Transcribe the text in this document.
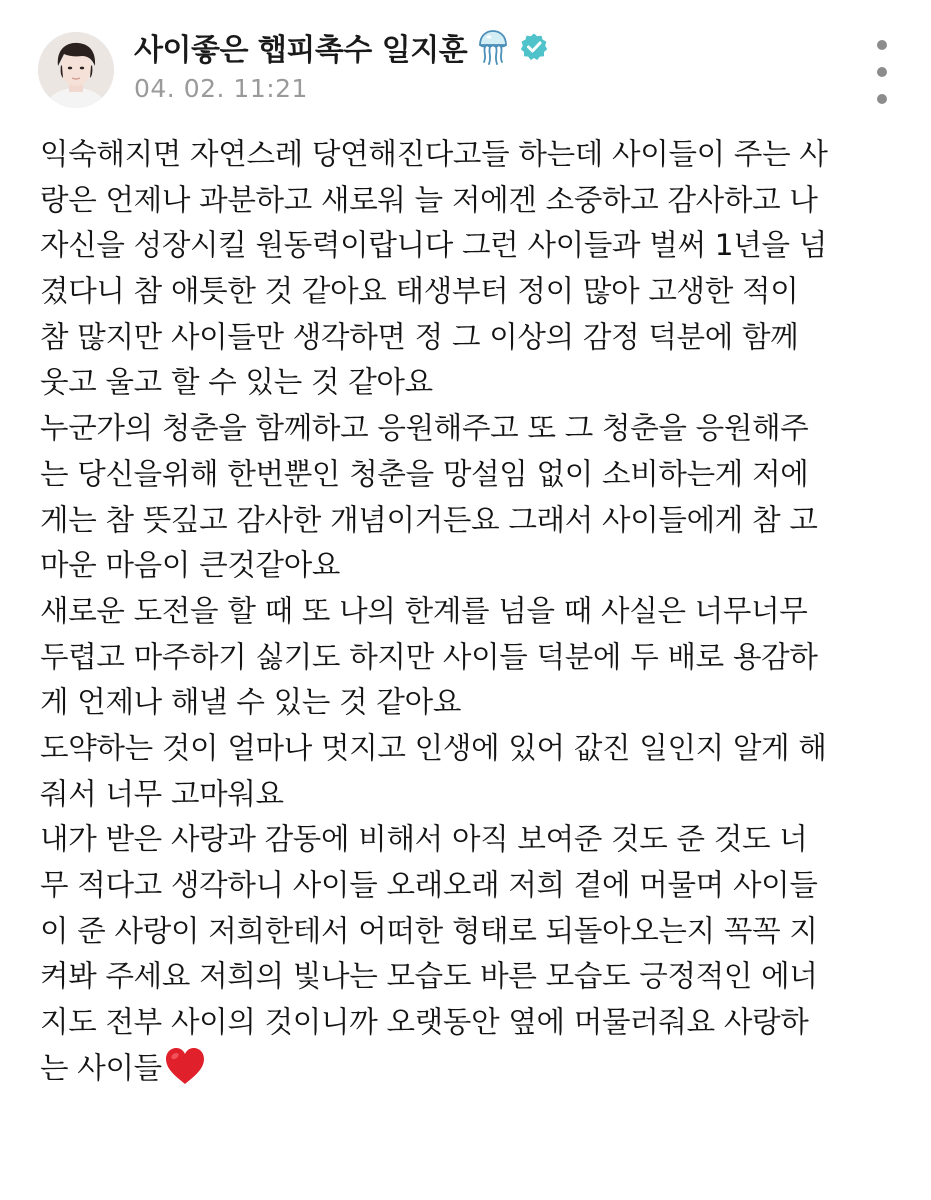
사이좋은 햅피촉수 일지훈
04. 02. 11:21
익숙해지면 자연스레 당연해진다고들 하는데 사이들이 주는 사
랑은 언제나 과분하고 새로워 늘 저에겐 소중하고 감사하고 나
자신을 성장시킬 원동력이랍니다 그런 사이들과 벌써 1년을 넘
겼다니 참 애틋한 것 같아요 태생부터 정이 많아 고생한 적이
참 많지만 사이들만 생각하면 정 그 이상의 감정 덕분에 함께
웃고 울고 할 수 있는 것 같아요
누군가의 청춘을 함께하고 응원해주고 또 그 청춘을 응원해주
는 당신을위해 한번뿐인 청춘을 망설임 없이 소비하는게 저에
게는 참 뜻깊고 감사한 개념이거든요 그래서 사이들에게 참 고
마운 마음이 큰것같아요
새로운 도전을 할 때 또 나의 한계를 넘을 때 사실은 너무너무
두렵고 마주하기 싫기도 하지만 사이들 덕분에 두 배로 용감하
게 언제나 해낼 수 있는 것 같아요
도약하는 것이 얼마나 멋지고 인생에 있어 값진 일인지 알게 해
줘서 너무 고마워요
내가 받은 사랑과 감동에 비해서 아직 보여준 것도 준 것도 너
무 적다고 생각하니 사이들 오래오래 저희 곁에 머물며 사이들
이 준 사랑이 저희한테서 어떠한 형태로 되돌아오는지 꼭꼭 지
켜봐 주세요 저희의 빛나는 모습도 바른 모습도 긍정적인 에너
지도 전부 사이의 것이니까 오랫동안 옆에 머물러줘요 사랑하
는 사이들
